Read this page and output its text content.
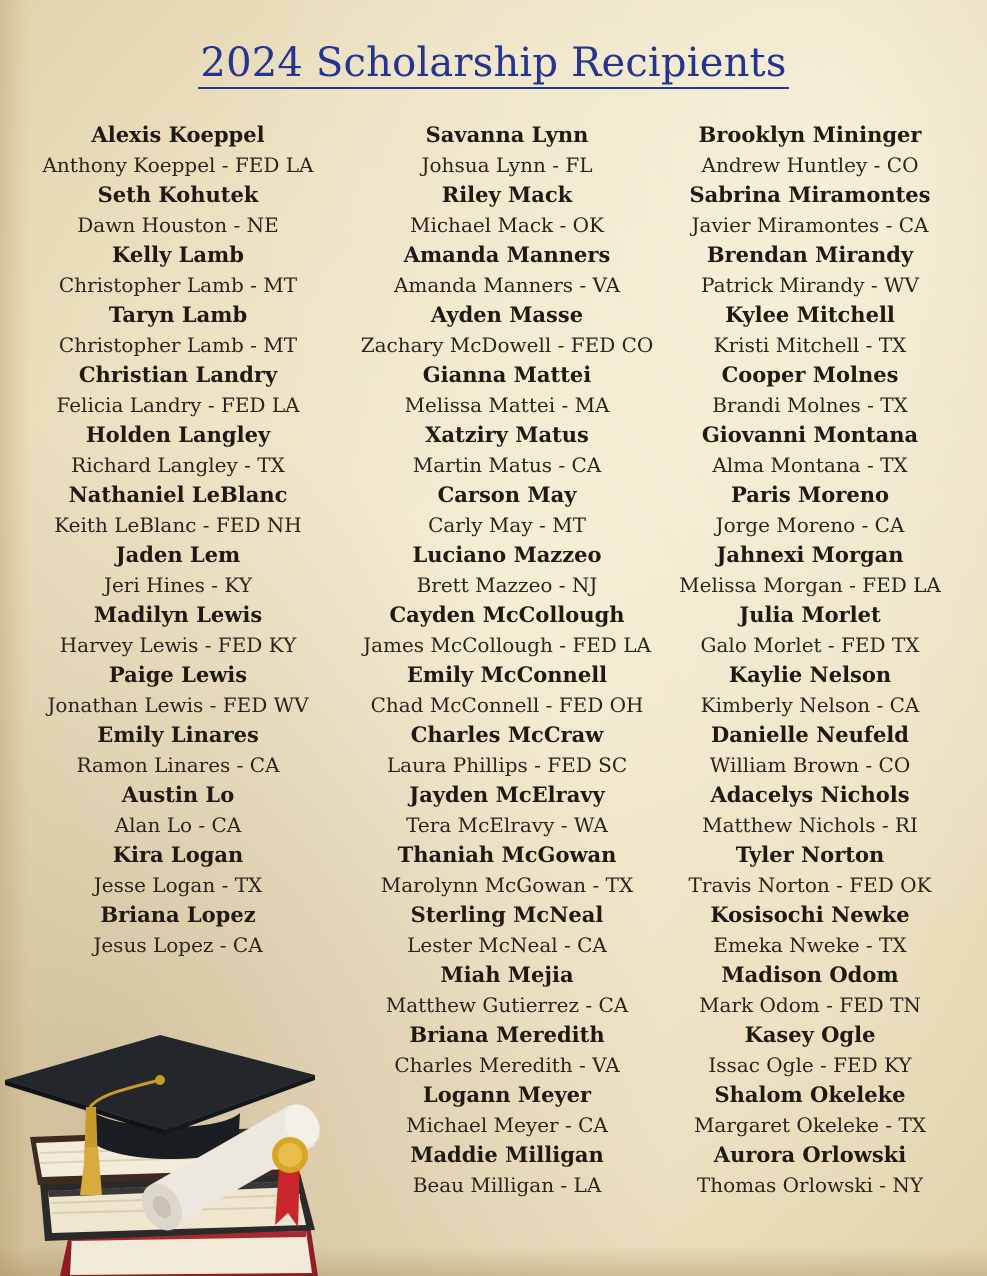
2024 Scholarship Recipients
Alexis Koeppel
Anthony Koeppel - FED LA
Seth Kohutek
Dawn Houston - NE
Kelly Lamb
Christopher Lamb - MT
Taryn Lamb
Christopher Lamb - MT
Christian Landry
Felicia Landry - FED LA
Holden Langley
Richard Langley - TX
Nathaniel LeBlanc
Keith LeBlanc - FED NH
Jaden Lem
Jeri Hines - KY
Madilyn Lewis
Harvey Lewis - FED KY
Paige Lewis
Jonathan Lewis - FED WV
Emily Linares
Ramon Linares - CA
Austin Lo
Alan Lo - CA
Kira Logan
Jesse Logan - TX
Briana Lopez
Jesus Lopez - CA
Savanna Lynn
Johsua Lynn - FL
Riley Mack
Michael Mack - OK
Amanda Manners
Amanda Manners - VA
Ayden Masse
Zachary McDowell - FED CO
Gianna Mattei
Melissa Mattei - MA
Xatziry Matus
Martin Matus - CA
Carson May
Carly May - MT
Luciano Mazzeo
Brett Mazzeo - NJ
Cayden McCollough
James McCollough - FED LA
Emily McConnell
Chad McConnell - FED OH
Charles McCraw
Laura Phillips - FED SC
Jayden McElravy
Tera McElravy - WA
Thaniah McGowan
Marolynn McGowan - TX
Sterling McNeal
Lester McNeal - CA
Miah Mejia
Matthew Gutierrez - CA
Briana Meredith
Charles Meredith - VA
Logann Meyer
Michael Meyer - CA
Maddie Milligan
Beau Milligan - LA
Brooklyn Mininger
Andrew Huntley - CO
Sabrina Miramontes
Javier Miramontes - CA
Brendan Mirandy
Patrick Mirandy - WV
Kylee Mitchell
Kristi Mitchell - TX
Cooper Molnes
Brandi Molnes - TX
Giovanni Montana
Alma Montana - TX
Paris Moreno
Jorge Moreno - CA
Jahnexi Morgan
Melissa Morgan - FED LA
Julia Morlet
Galo Morlet - FED TX
Kaylie Nelson
Kimberly Nelson - CA
Danielle Neufeld
William Brown - CO
Adacelys Nichols
Matthew Nichols - RI
Tyler Norton
Travis Norton - FED OK
Kosisochi Newke
Emeka Nweke - TX
Madison Odom
Mark Odom - FED TN
Kasey Ogle
Issac Ogle - FED KY
Shalom Okeleke
Margaret Okeleke - TX
Aurora Orlowski
Thomas Orlowski - NY
